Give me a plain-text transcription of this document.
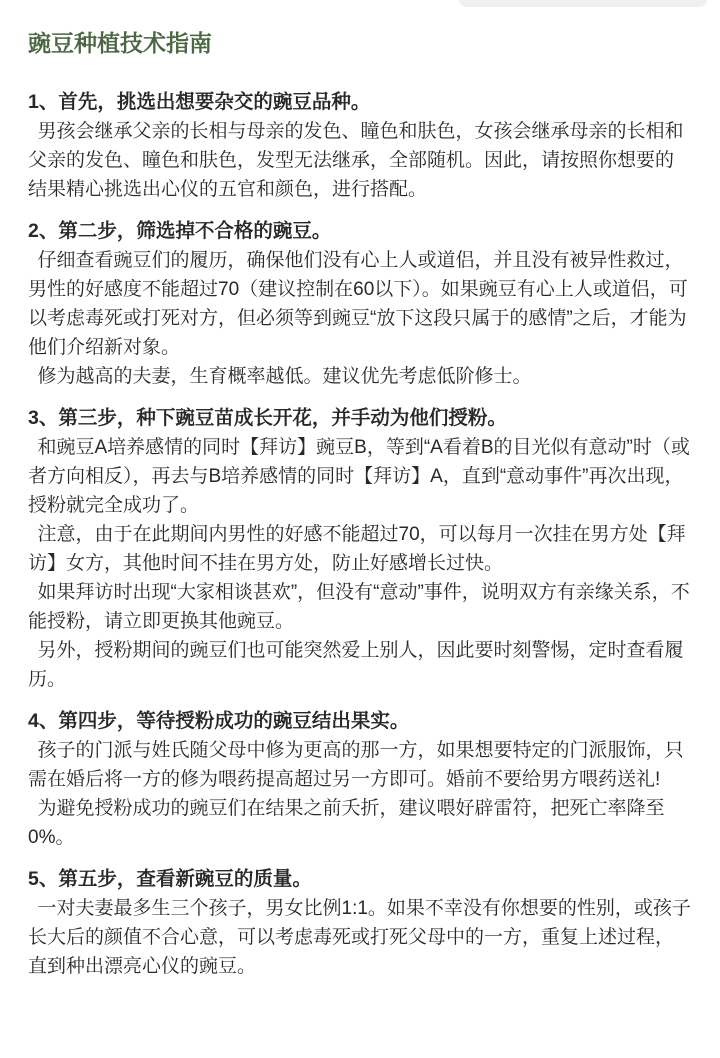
豌豆种植技术指南
1、首先，挑选出想要杂交的豌豆品种。

男孩会继承父亲的长相与母亲的发色、瞳色和肤色，女孩会继承母亲的长相和父亲的发色、瞳色和肤色，发型无法继承，全部随机。因此，请按照你想要的结果精心挑选出心仪的五官和颜色，进行搭配。

2、第二步，筛选掉不合格的豌豆。

仔细查看豌豆们的履历，确保他们没有心上人或道侣，并且没有被异性救过，男性的好感度不能超过70（建议控制在60以下）。如果豌豆有心上人或道侣，可以考虑毒死或打死对方，但必须等到豌豆“放下这段只属于的感情”之后，才能为他们介绍新对象。

修为越高的夫妻，生育概率越低。建议优先考虑低阶修士。

3、第三步，种下豌豆苗成长开花，并手动为他们授粉。

和豌豆A培养感情的同时【拜访】豌豆B，等到“A看着B的目光似有意动”时（或者方向相反），再去与B培养感情的同时【拜访】A，直到“意动事件”再次出现，授粉就完全成功了。

注意，由于在此期间内男性的好感不能超过70，可以每月一次挂在男方处【拜访】女方，其他时间不挂在男方处，防止好感增长过快。

如果拜访时出现“大家相谈甚欢”，但没有“意动”事件，说明双方有亲缘关系，不能授粉，请立即更换其他豌豆。

另外，授粉期间的豌豆们也可能突然爱上别人，因此要时刻警惕，定时查看履历。

4、第四步，等待授粉成功的豌豆结出果实。

孩子的门派与姓氏随父母中修为更高的那一方，如果想要特定的门派服饰，只需在婚后将一方的修为喂药提高超过另一方即可。婚前不要给男方喂药送礼!

为避免授粉成功的豌豆们在结果之前夭折，建议喂好辟雷符，把死亡率降至0%。

5、第五步，查看新豌豆的质量。

一对夫妻最多生三个孩子，男女比例1:1。如果不幸没有你想要的性别，或孩子长大后的颜值不合心意，可以考虑毒死或打死父母中的一方，重复上述过程，直到种出漂亮心仪的豌豆。
